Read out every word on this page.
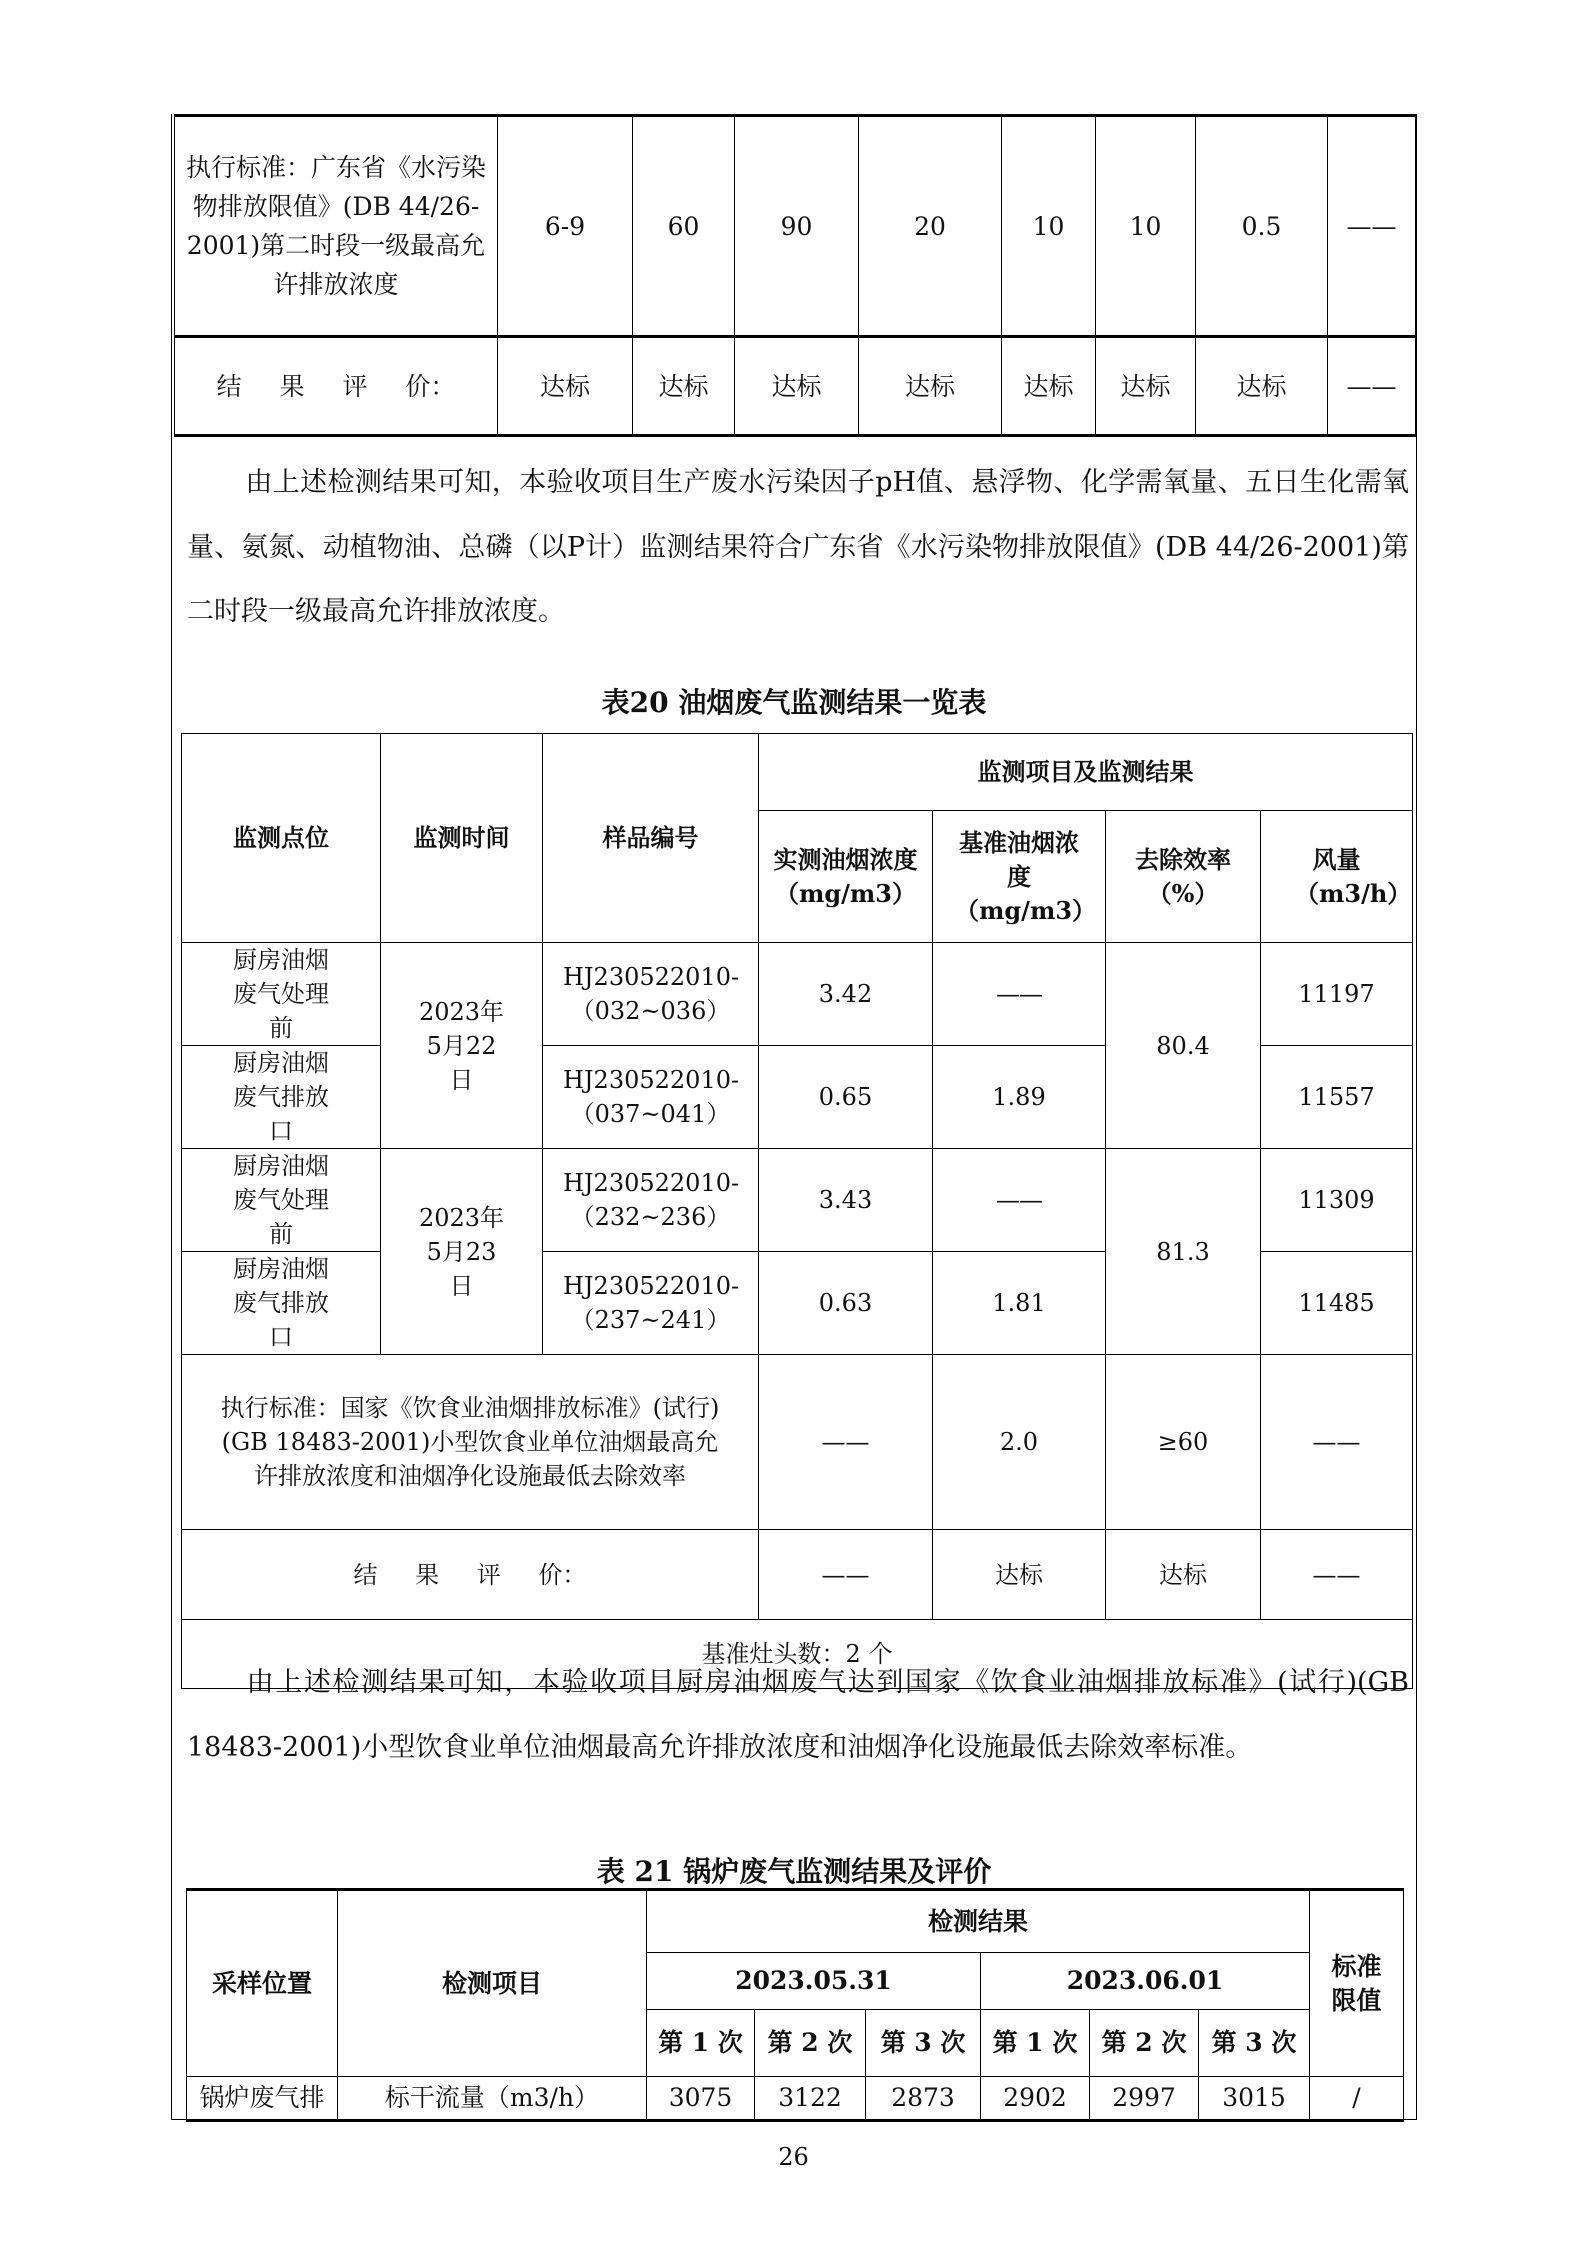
执行标准：广东省《水污染物排放限值》(DB 44/26-2001)第二时段一级最高允许排放浓度	6-9	60	90	20	10	10	0.5	——
结 果 评 价：	达标	达标	达标	达标	达标	达标	达标	——
由上述检测结果可知，本验收项目生产废水污染因子pH值、悬浮物、化学需氧量、五日生化需氧量、氨氮、动植物油、总磷（以P计）监测结果符合广东省《水污染物排放限值》(DB 44/26-2001)第二时段一级最高允许排放浓度。
表20 油烟废气监测结果一览表
监测点位	监测时间	样品编号	监测项目及监测结果			
			实测油烟浓度（mg/m3）	基准油烟浓度（mg/m3）	去除效率（%）	风量（m3/h）
厨房油烟废气处理前	2023年5月22日	HJ230522010-（032~036）	3.42	——	80.4	11197
厨房油烟废气排放口		HJ230522010-（037~041）	0.65	1.89		11557
厨房油烟废气处理前	2023年5月23日	HJ230522010-（232~236）	3.43	——	81.3	11309
厨房油烟废气排放口		HJ230522010-（237~241）	0.63	1.81		11485
执行标准：国家《饮食业油烟排放标准》(试行)(GB 18483-2001)小型饮食业单位油烟最高允许排放浓度和油烟净化设施最低去除效率			——	2.0	≥60	——
结 果 评 价：			——	达标	达标	——
基准灶头数：2 个						
由上述检测结果可知，本验收项目厨房油烟废气达到国家《饮食业油烟排放标准》(试行)(GB 18483-2001)小型饮食业单位油烟最高允许排放浓度和油烟净化设施最低去除效率标准。
表 21 锅炉废气监测结果及评价
采样位置	检测项目	检测结果						标准限值
		2023.05.31			2023.06.01			
		第 1 次	第 2 次	第 3 次	第 1 次	第 2 次	第 3 次	
锅炉废气排	标干流量（m3/h）	3075	3122	2873	2902	2997	3015	/
26
